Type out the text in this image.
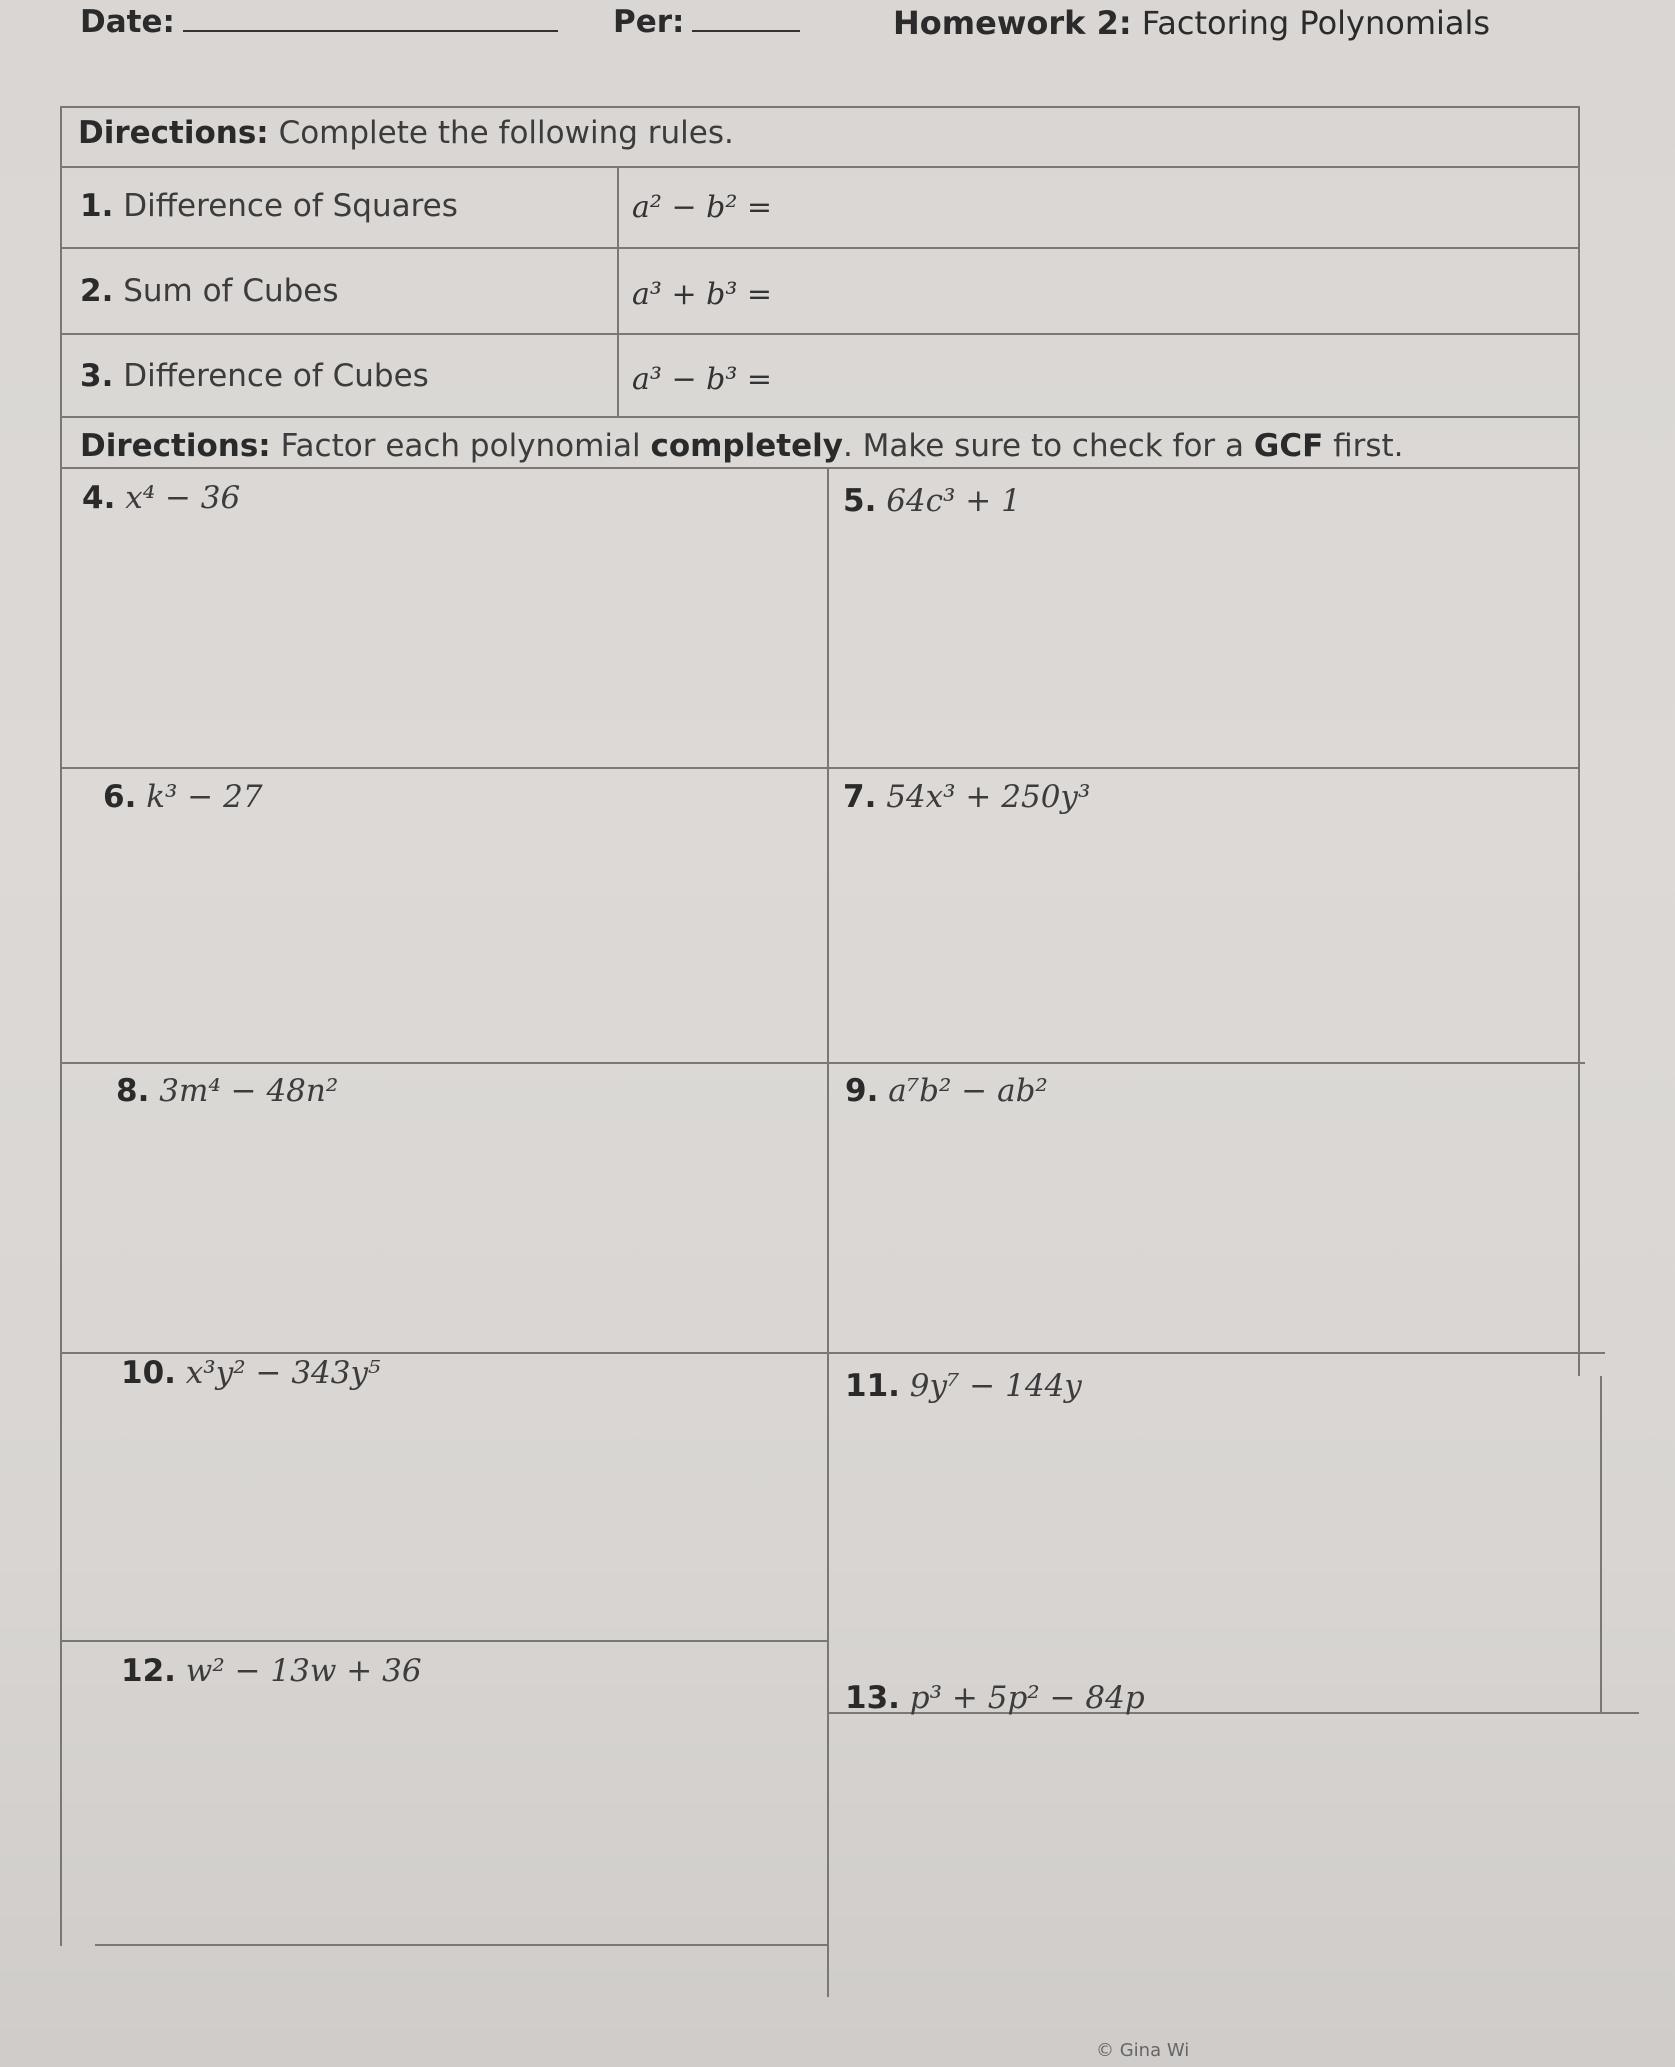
Date:	Per:	Homework 2: Factoring Polynomials
Directions: Complete the following rules.
1. Difference of Squares	a² − b² =
2. Sum of Cubes	a³ + b³ =
3. Difference of Cubes	a³ − b³ =
Directions: Factor each polynomial completely. Make sure to check for a GCF first.
4. x⁴ − 36	5. 64c³ + 1
6. k³ − 27	7. 54x³ + 250y³
8. 3m⁴ − 48n²	9. a⁷b² − ab²
10. x³y² − 343y⁵	11. 9y⁷ − 144y
12. w² − 13w + 36
13. p³ + 5p² − 84p
© Gina Wi
